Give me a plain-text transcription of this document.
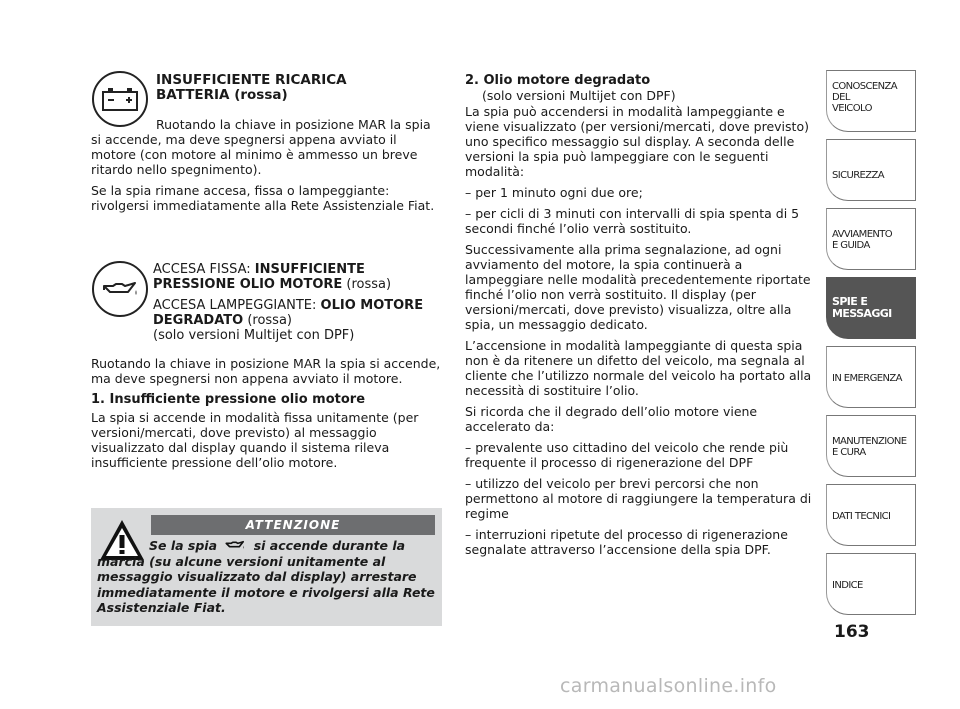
INSUFFICIENTE RICARICA
BATTERIA (rossa)

Ruotando la chiave in posizione MAR la spia si accende, ma deve spegnersi appena avviato il motore (con motore al minimo è ammesso un breve ritardo nello spegnimento).

Se la spia rimane accesa, fissa o lampeggiante: rivolgersi immediatamente alla Rete Assistenziale Fiat.

ACCESA FISSA: INSUFFICIENTE PRESSIONE OLIO MOTORE (rossa)
ACCESA LAMPEGGIANTE: OLIO MOTORE DEGRADATO (rossa)
(solo versioni Multijet con DPF)

Ruotando la chiave in posizione MAR la spia si accende, ma deve spegnersi non appena avviato il motore.

1. Insufficiente pressione olio motore

La spia si accende in modalità fissa unitamente (per versioni/mercati, dove previsto) al messaggio visualizzato dal display quando il sistema rileva insufficiente pressione dell’olio motore.

ATTENZIONE
Se la spia  si accende durante la marcia (su alcune versioni unitamente al messaggio visualizzato dal display) arrestare immediatamente il motore e rivolgersi alla Rete Assistenziale Fiat.
2. Olio motore degradato
(solo versioni Multijet con DPF)

La spia può accendersi in modalità lampeggiante e viene visualizzato (per versioni/mercati, dove previsto) uno specifico messaggio sul display. A seconda delle versioni la spia può lampeggiare con le seguenti modalità:

– per 1 minuto ogni due ore;

– per cicli di 3 minuti con intervalli di spia spenta di 5 secondi finché l’olio verrà sostituito.

Successivamente alla prima segnalazione, ad ogni avviamento del motore, la spia continuerà a lampeggiare nelle modalità precedentemente riportate finché l’olio non verrà sostituito. Il display (per versioni/mercati, dove previsto) visualizza, oltre alla spia, un messaggio dedicato.

L’accensione in modalità lampeggiante di questa spia non è da ritenere un difetto del veicolo, ma segnala al cliente che l’utilizzo normale del veicolo ha portato alla necessità di sostituire l’olio.

Si ricorda che il degrado dell’olio motore viene accelerato da:

– prevalente uso cittadino del veicolo che rende più frequente il processo di rigenerazione del DPF

– utilizzo del veicolo per brevi percorsi che non permettono al motore di raggiungere la temperatura di regime

– interruzioni ripetute del processo di rigenerazione segnalate attraverso l’accensione della spia DPF.

CONOSCENZA
DEL
VEICOLO
SICUREZZA
AVVIAMENTO
E GUIDA
SPIE E
MESSAGGI
IN EMERGENZA
MANUTENZIONE
E CURA
DATI TECNICI
INDICE
163
carmanualsonline.info
